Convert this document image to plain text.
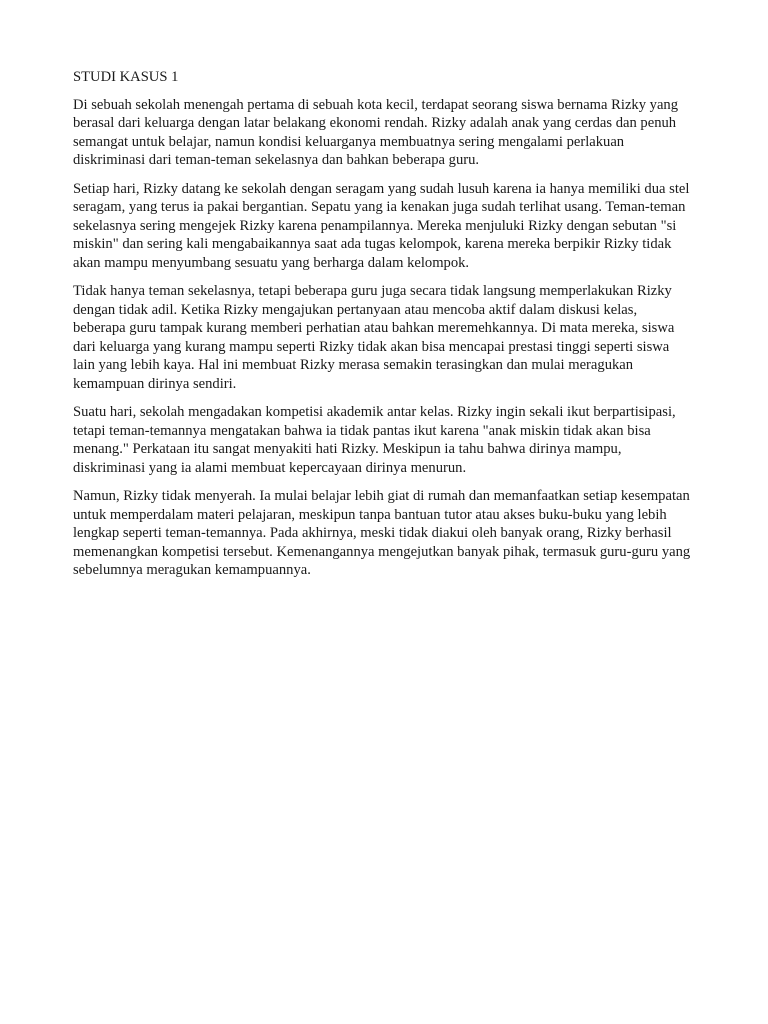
STUDI KASUS 1

Di sebuah sekolah menengah pertama di sebuah kota kecil, terdapat seorang siswa bernama Rizky yang berasal dari keluarga dengan latar belakang ekonomi rendah. Rizky adalah anak yang cerdas dan penuh semangat untuk belajar, namun kondisi keluarganya membuatnya sering mengalami perlakuan diskriminasi dari teman-teman sekelasnya dan bahkan beberapa guru.

Setiap hari, Rizky datang ke sekolah dengan seragam yang sudah lusuh karena ia hanya memiliki dua stel seragam, yang terus ia pakai bergantian. Sepatu yang ia kenakan juga sudah terlihat usang. Teman-teman sekelasnya sering mengejek Rizky karena penampilannya. Mereka menjuluki Rizky dengan sebutan "si miskin" dan sering kali mengabaikannya saat ada tugas kelompok, karena mereka berpikir Rizky tidak akan mampu menyumbang sesuatu yang berharga dalam kelompok.

Tidak hanya teman sekelasnya, tetapi beberapa guru juga secara tidak langsung memperlakukan Rizky dengan tidak adil. Ketika Rizky mengajukan pertanyaan atau mencoba aktif dalam diskusi kelas, beberapa guru tampak kurang memberi perhatian atau bahkan meremehkannya. Di mata mereka, siswa dari keluarga yang kurang mampu seperti Rizky tidak akan bisa mencapai prestasi tinggi seperti siswa lain yang lebih kaya. Hal ini membuat Rizky merasa semakin terasingkan dan mulai meragukan kemampuan dirinya sendiri.

Suatu hari, sekolah mengadakan kompetisi akademik antar kelas. Rizky ingin sekali ikut berpartisipasi, tetapi teman-temannya mengatakan bahwa ia tidak pantas ikut karena "anak miskin tidak akan bisa menang." Perkataan itu sangat menyakiti hati Rizky. Meskipun ia tahu bahwa dirinya mampu, diskriminasi yang ia alami membuat kepercayaan dirinya menurun.

Namun, Rizky tidak menyerah. Ia mulai belajar lebih giat di rumah dan memanfaatkan setiap kesempatan untuk memperdalam materi pelajaran, meskipun tanpa bantuan tutor atau akses buku-buku yang lebih lengkap seperti teman-temannya. Pada akhirnya, meski tidak diakui oleh banyak orang, Rizky berhasil memenangkan kompetisi tersebut. Kemenangannya mengejutkan banyak pihak, termasuk guru-guru yang sebelumnya meragukan kemampuannya.
